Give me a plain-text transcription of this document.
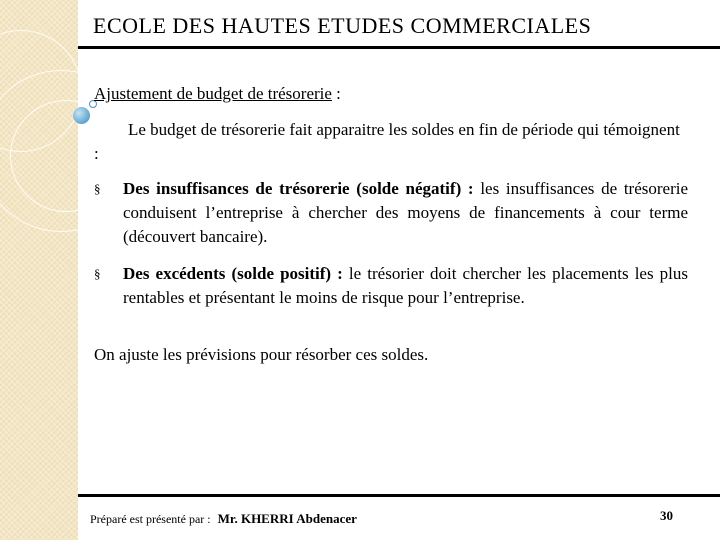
ECOLE DES HAUTES ETUDES COMMERCIALES
Ajustement de budget de trésorerie :
Le budget de trésorerie fait apparaitre les soldes en fin de période qui témoignent :
§ Des insuffisances de trésorerie (solde négatif) : les insuffisances de trésorerie conduisent l’entreprise à chercher des moyens de financements à cour terme (découvert bancaire).
§ Des excédents (solde positif) : le trésorier doit chercher les placements les plus rentables et présentant le moins de risque pour l’entreprise.
On ajuste les prévisions pour résorber ces soldes.
Préparé est présenté par : Mr. KHERRI Abdenacer	30
